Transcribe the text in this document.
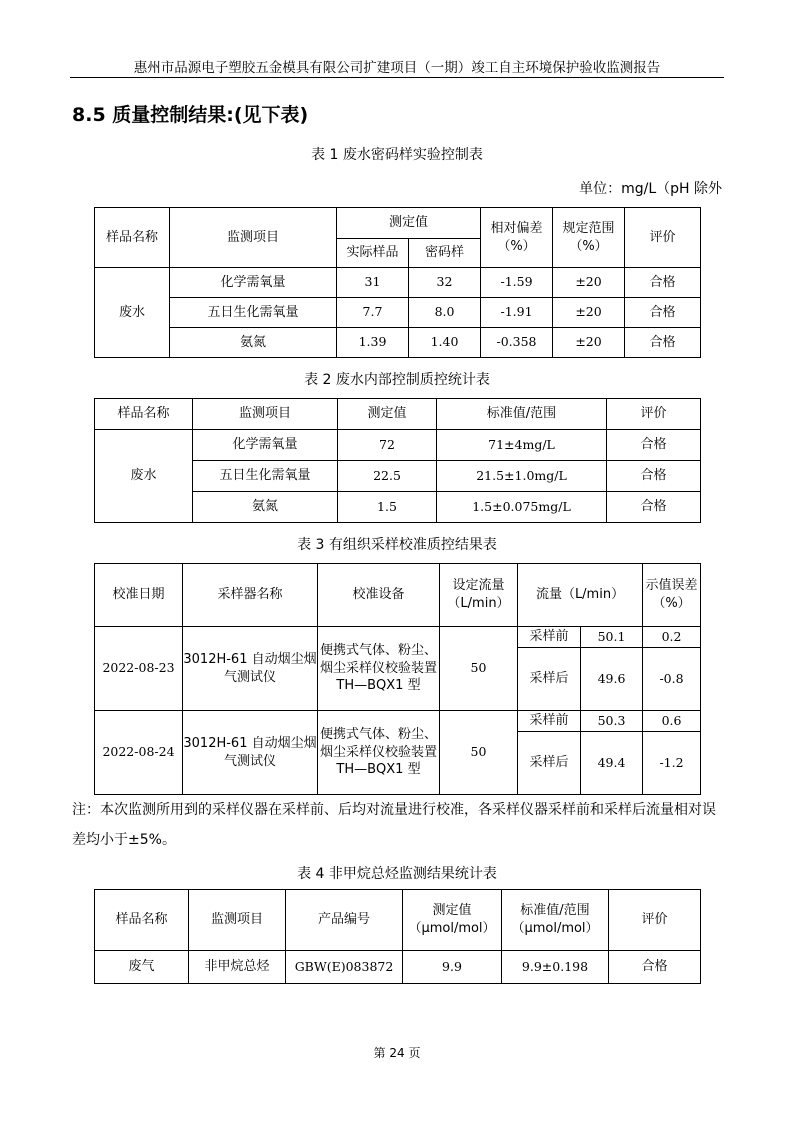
惠州市品源电子塑胶五金模具有限公司扩建项目（一期）竣工自主环境保护验收监测报告
8.5 质量控制结果:(见下表)
表 1 废水密码样实验控制表
单位：mg/L（pH 除外
样品名称	监测项目	测定值		相对偏差（%）	规定范围（%）	评价
		实际样品	密码样			
废水	化学需氧量	31	32	-1.59	±20	合格
	五日生化需氧量	7.7	8.0	-1.91	±20	合格
	氨氮	1.39	1.40	-0.358	±20	合格
表 2 废水内部控制质控统计表
样品名称	监测项目	测定值	标准值/范围	评价
废水	化学需氧量	72	71±4mg/L	合格
	五日生化需氧量	22.5	21.5±1.0mg/L	合格
	氨氮	1.5	1.5±0.075mg/L	合格
表 3 有组织采样校准质控结果表
校准日期	采样器名称	校准设备	设定流量（L/min）	流量（L/min）		示值误差（%）
2022-08-23	3012H-61 自动烟尘烟气测试仪	便携式气体、粉尘、烟尘采样仪校验装置 TH—BQX1 型	50	采样前	50.1	0.2
				采样后	49.6	-0.8
2022-08-24	3012H-61 自动烟尘烟气测试仪	便携式气体、粉尘、烟尘采样仪校验装置 TH—BQX1 型	50	采样前	50.3	0.6
				采样后	49.4	-1.2
注：本次监测所用到的采样仪器在采样前、后均对流量进行校准，各采样仪器采样前和采样后流量相对误差均小于±5%。
表 4 非甲烷总烃监测结果统计表
样品名称	监测项目	产品编号	测定值（μmol/mol）	标准值/范围（μmol/mol）	评价
废气	非甲烷总烃	GBW(E)083872	9.9	9.9±0.198	合格
第 24 页
